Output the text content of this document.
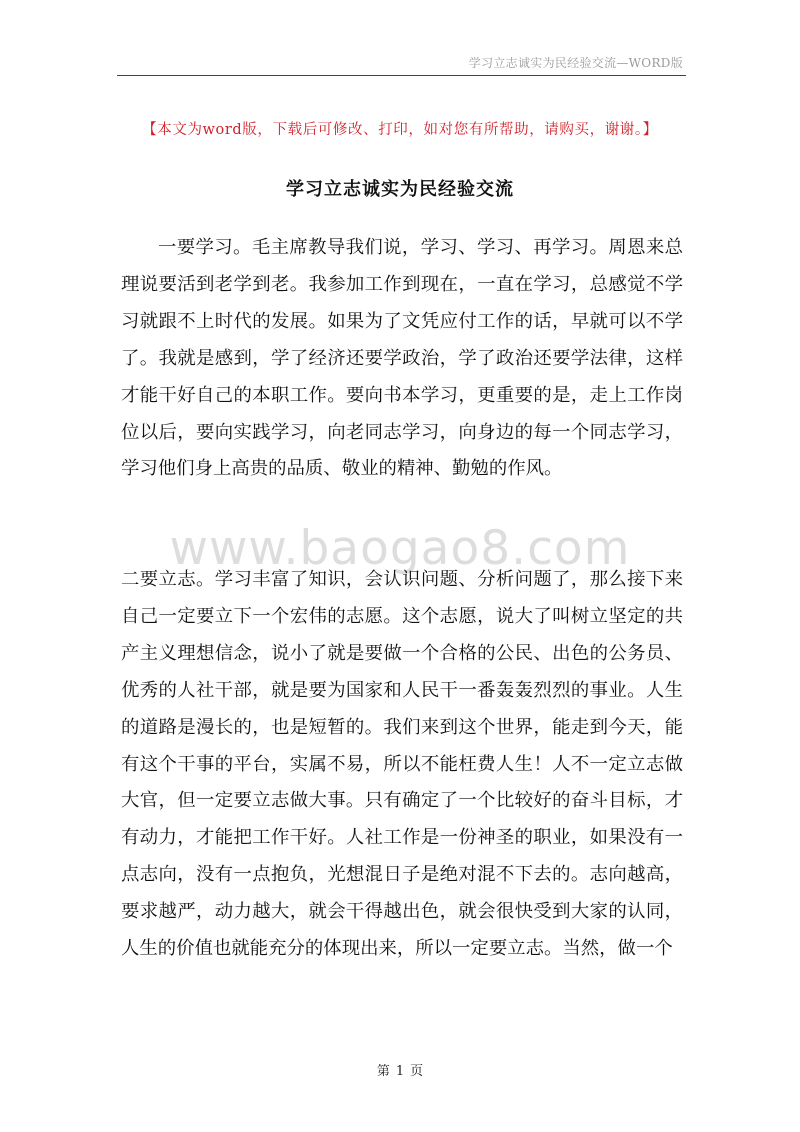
学习立志诚实为民经验交流—WORD版
【本文为word版，下载后可修改、打印，如对您有所帮助，请购买，谢谢。】
学习立志诚实为民经验交流

一要学习。毛主席教导我们说，学习、学习、再学习。周恩来总理说要活到老学到老。我参加工作到现在，一直在学习，总感觉不学习就跟不上时代的发展。如果为了文凭应付工作的话，早就可以不学了。我就是感到，学了经济还要学政治，学了政治还要学法律，这样才能干好自己的本职工作。要向书本学习，更重要的是，走上工作岗位以后，要向实践学习，向老同志学习，向身边的每一个同志学习，学习他们身上高贵的品质、敬业的精神、勤勉的作风。

www.baogao8.com

二要立志。学习丰富了知识，会认识问题、分析问题了，那么接下来自己一定要立下一个宏伟的志愿。这个志愿，说大了叫树立坚定的共产主义理想信念，说小了就是要做一个合格的公民、出色的公务员、优秀的人社干部，就是要为国家和人民干一番轰轰烈烈的事业。人生的道路是漫长的，也是短暂的。我们来到这个世界，能走到今天，能有这个干事的平台，实属不易，所以不能枉费人生！人不一定立志做大官，但一定要立志做大事。只有确定了一个比较好的奋斗目标，才有动力，才能把工作干好。人社工作是一份神圣的职业，如果没有一点志向，没有一点抱负，光想混日子是绝对混不下去的。志向越高，要求越严，动力越大，就会干得越出色，就会很快受到大家的认同，人生的价值也就能充分的体现出来，所以一定要立志。当然，做一个

第 1 页
